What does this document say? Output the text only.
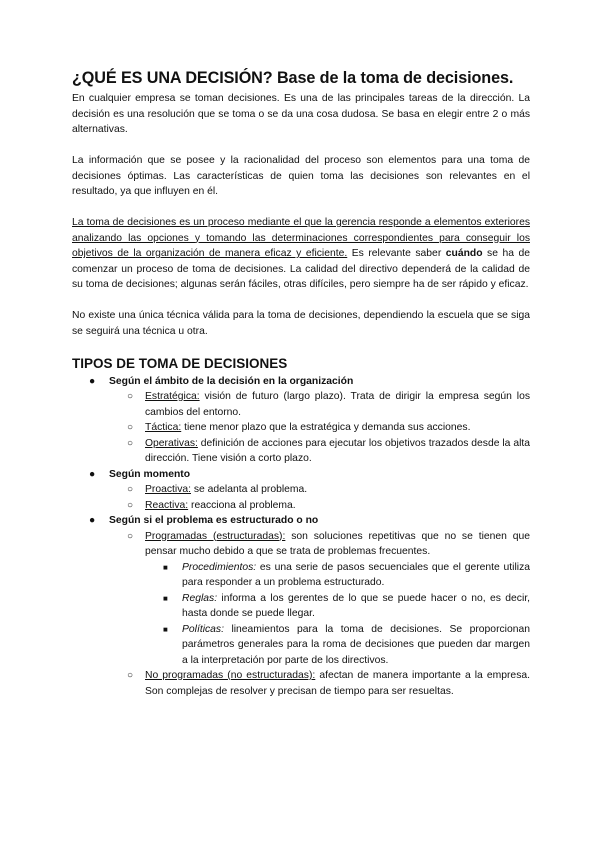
¿QUÉ ES UNA DECISIÓN? Base de la toma de decisiones.

En cualquier empresa se toman decisiones. Es una de las principales tareas de la dirección. La decisión es una resolución que se toma o se da una cosa dudosa. Se basa en elegir entre 2 o más alternativas.

La información que se posee y la racionalidad del proceso son elementos para una toma de decisiones óptimas. Las características de quien toma las decisiones son relevantes en el resultado, ya que influyen en él.

La toma de decisiones es un proceso mediante el que la gerencia responde a elementos exteriores analizando las opciones y tomando las determinaciones correspondientes para conseguir los objetivos de la organización de manera eficaz y eficiente. Es relevante saber cuándo se ha de comenzar un proceso de toma de decisiones. La calidad del directivo dependerá de la calidad de su toma de decisiones; algunas serán fáciles, otras difíciles, pero siempre ha de ser rápido y eficaz.

No existe una única técnica válida para la toma de decisiones, dependiendo la escuela que se siga se seguirá una técnica u otra.

TIPOS DE TOMA DE DECISIONES
● Según el ámbito de la decisión en la organización
○ Estratégica: visión de futuro (largo plazo). Trata de dirigir la empresa según los cambios del entorno.
○ Táctica: tiene menor plazo que la estratégica y demanda sus acciones.
○ Operativas: definición de acciones para ejecutar los objetivos trazados desde la alta dirección. Tiene visión a corto plazo.
● Según momento
○ Proactiva: se adelanta al problema.
○ Reactiva: reacciona al problema.
● Según si el problema es estructurado o no
○ Programadas (estructuradas): son soluciones repetitivas que no se tienen que pensar mucho debido a que se trata de problemas frecuentes.
■ Procedimientos: es una serie de pasos secuenciales que el gerente utiliza para responder a un problema estructurado.
■ Reglas: informa a los gerentes de lo que se puede hacer o no, es decir, hasta donde se puede llegar.
■ Políticas: lineamientos para la toma de decisiones. Se proporcionan parámetros generales para la roma de decisiones que pueden dar margen a la interpretación por parte de los directivos.
○ No programadas (no estructuradas): afectan de manera importante a la empresa. Son complejas de resolver y precisan de tiempo para ser resueltas.
